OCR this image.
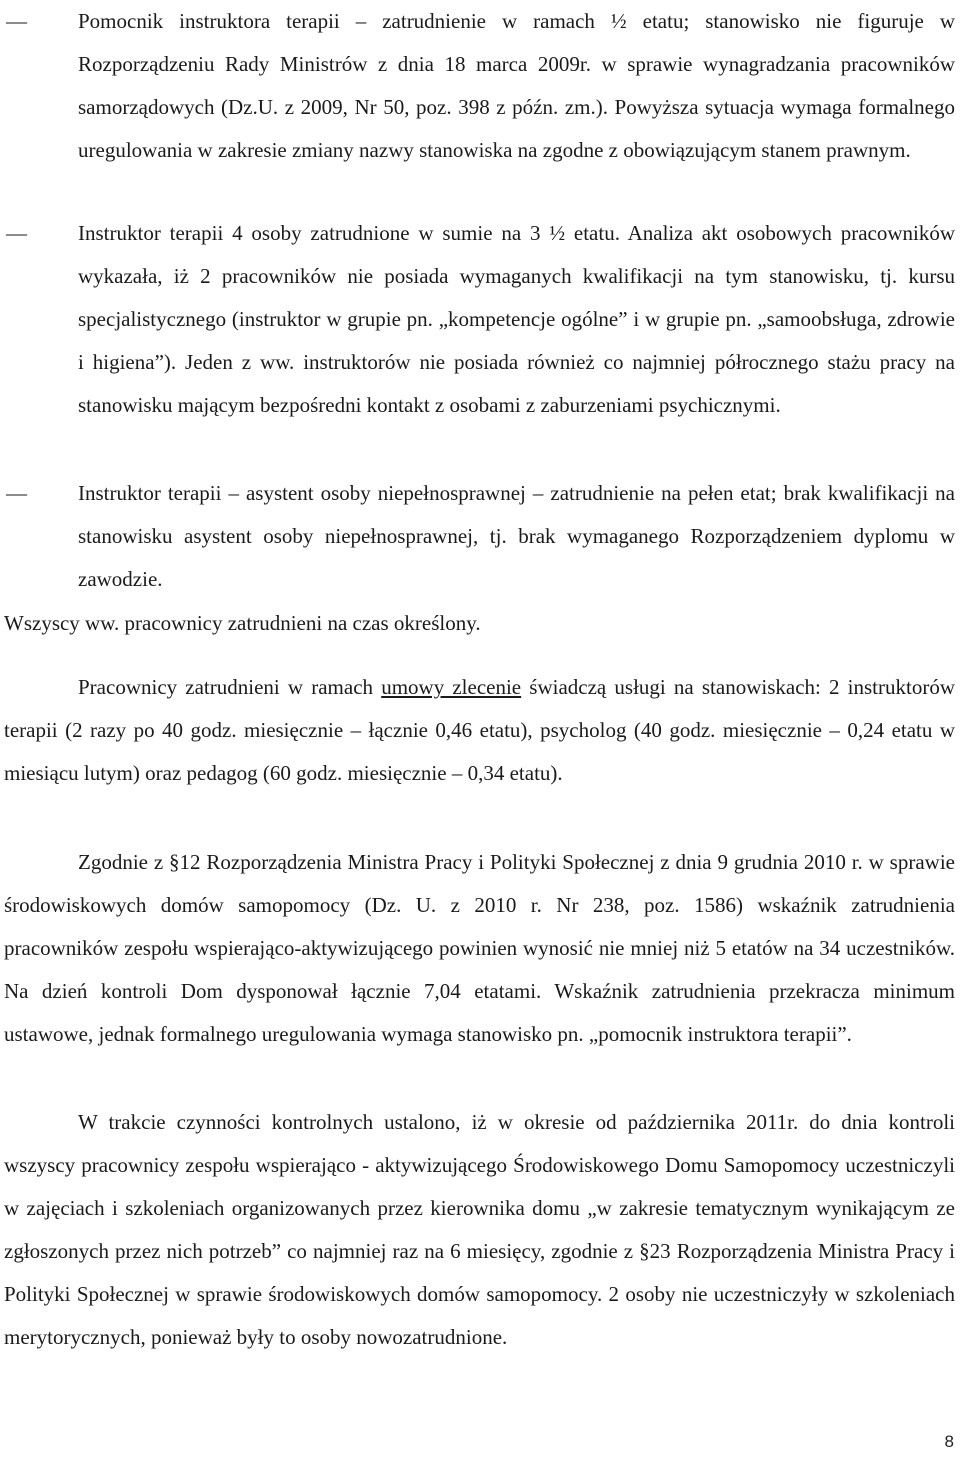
—
Pomocnik instruktora terapii – zatrudnienie w ramach ½ etatu; stanowisko nie figuruje w Rozporządzeniu Rady Ministrów z dnia 18 marca 2009r. w sprawie wynagradzania pracowników samorządowych (Dz.U. z 2009, Nr 50, poz. 398 z późn. zm.). Powyższa sytuacja wymaga formalnego uregulowania w zakresie zmiany nazwy stanowiska na zgodne z obowiązującym stanem prawnym.
—
Instruktor terapii 4 osoby zatrudnione w sumie na 3 ½ etatu. Analiza akt osobowych pracowników wykazała, iż 2 pracowników nie posiada wymaganych kwalifikacji na tym stanowisku, tj. kursu specjalistycznego (instruktor w grupie pn. „kompetencje ogólne” i w grupie pn. „samoobsługa, zdrowie i higiena”). Jeden z ww. instruktorów nie posiada również co najmniej półrocznego stażu pracy na stanowisku mającym bezpośredni kontakt z osobami z zaburzeniami psychicznymi.
—
Instruktor terapii – asystent osoby niepełnosprawnej – zatrudnienie na pełen etat; brak kwalifikacji na stanowisku asystent osoby niepełnosprawnej, tj. brak wymaganego Rozporządzeniem dyplomu w zawodzie.
Wszyscy ww. pracownicy zatrudnieni na czas określony.
Pracownicy zatrudnieni w ramach umowy zlecenie świadczą usługi na stanowiskach: 2 instruktorów terapii (2 razy po 40 godz. miesięcznie – łącznie 0,46 etatu), psycholog (40 godz. miesięcznie – 0,24 etatu w miesiącu lutym) oraz pedagog (60 godz. miesięcznie – 0,34 etatu).
Zgodnie z §12 Rozporządzenia Ministra Pracy i Polityki Społecznej z dnia 9 grudnia 2010 r. w sprawie środowiskowych domów samopomocy (Dz. U. z 2010 r. Nr 238, poz. 1586) wskaźnik zatrudnienia pracowników zespołu wspierająco-aktywizującego powinien wynosić nie mniej niż 5 etatów na 34 uczestników. Na dzień kontroli Dom dysponował łącznie 7,04 etatami. Wskaźnik zatrudnienia przekracza minimum ustawowe, jednak formalnego uregulowania wymaga stanowisko pn. „pomocnik instruktora terapii”.
W trakcie czynności kontrolnych ustalono, iż w okresie od października 2011r. do dnia kontroli wszyscy pracownicy zespołu wspierająco - aktywizującego Środowiskowego Domu Samopomocy uczestniczyli w zajęciach i szkoleniach organizowanych przez kierownika domu „w zakresie tematycznym wynikającym ze zgłoszonych przez nich potrzeb” co najmniej raz na 6 miesięcy, zgodnie z §23 Rozporządzenia Ministra Pracy i Polityki Społecznej w sprawie środowiskowych domów samopomocy. 2 osoby nie uczestniczyły w szkoleniach merytorycznych, ponieważ były to osoby nowozatrudnione.
8
